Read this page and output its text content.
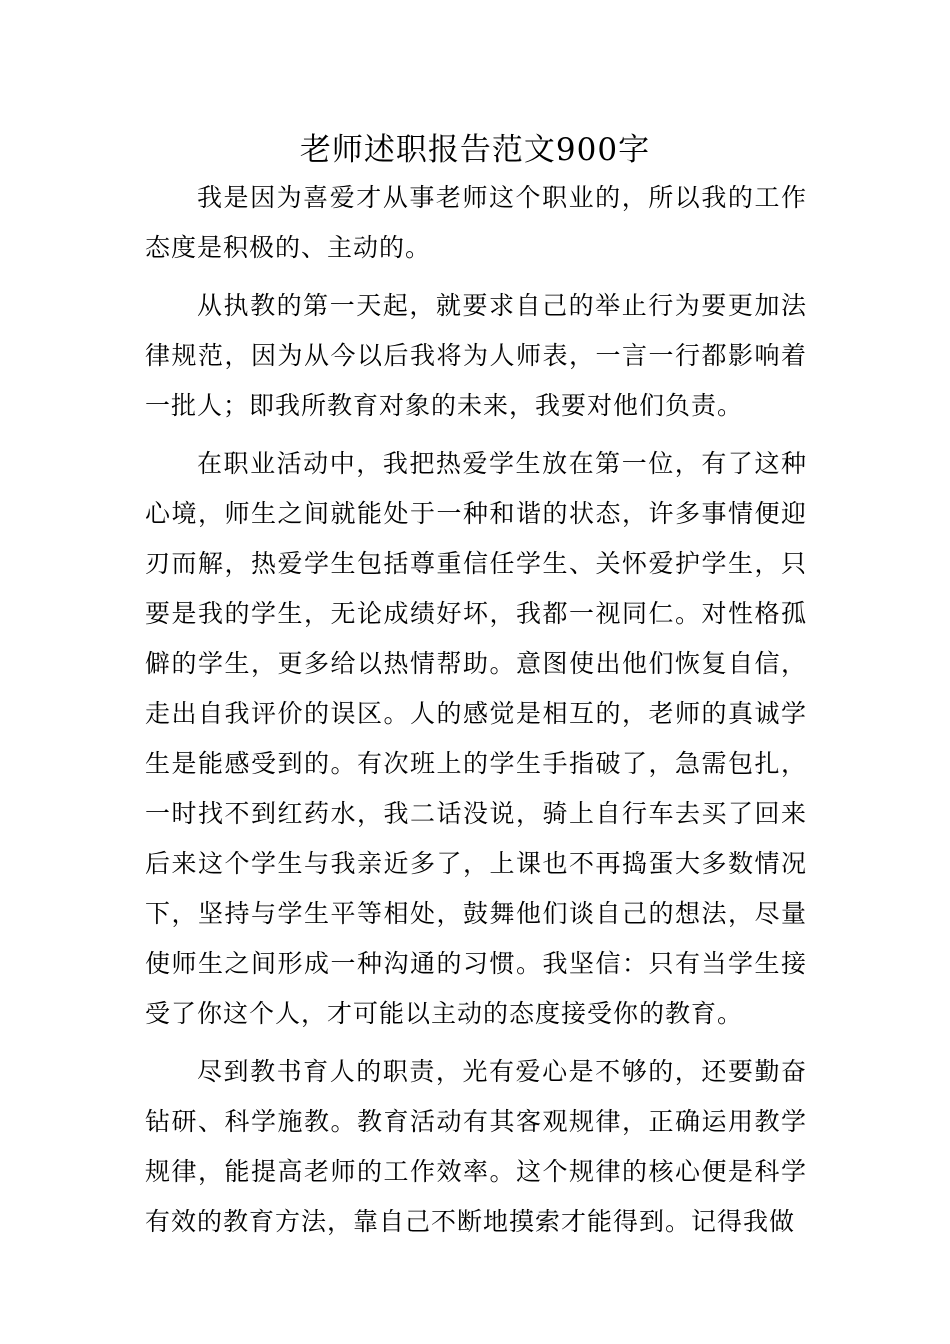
老师述职报告范文900字

我是因为喜爱才从事老师这个职业的，所以我的工作态度是积极的、主动的。

从执教的第一天起，就要求自己的举止行为要更加法律规范，因为从今以后我将为人师表，一言一行都影响着一批人；即我所教育对象的未来，我要对他们负责。

在职业活动中，我把热爱学生放在第一位，有了这种心境，师生之间就能处于一种和谐的状态，许多事情便迎刃而解，热爱学生包括尊重信任学生、关怀爱护学生，只要是我的学生，无论成绩好坏，我都一视同仁。对性格孤僻的学生，更多给以热情帮助。意图使出他们恢复自信，走出自我评价的误区。人的感觉是相互的，老师的真诚学生是能感受到的。有次班上的学生手指破了，急需包扎，一时找不到红药水，我二话没说，骑上自行车去买了回来后来这个学生与我亲近多了，上课也不再捣蛋大多数情况下，坚持与学生平等相处，鼓舞他们谈自己的想法，尽量使师生之间形成一种沟通的习惯。我坚信：只有当学生接受了你这个人，才可能以主动的态度接受你的教育。

尽到教书育人的职责，光有爱心是不够的，还要勤奋钻研、科学施教。教育活动有其客观规律，正确运用教学规律，能提高老师的工作效率。这个规律的核心便是科学有效的教育方法，靠自己不断地摸索才能得到。记得我做
